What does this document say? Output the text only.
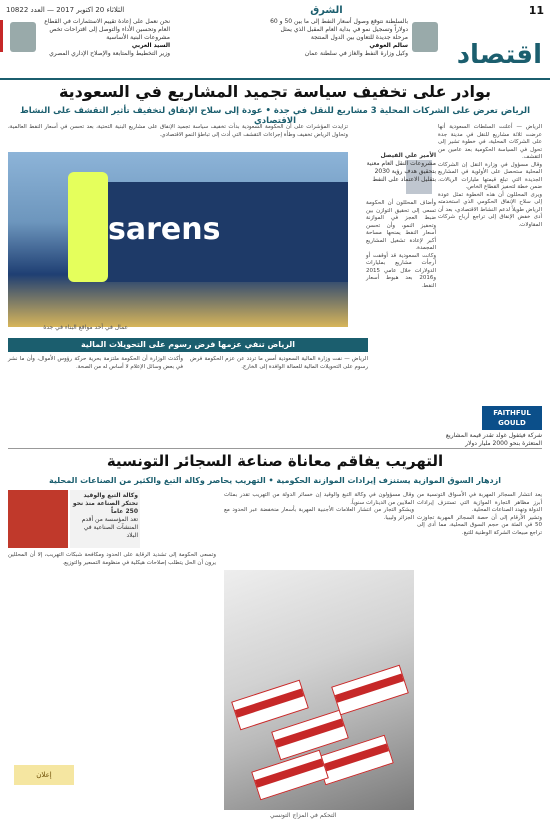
11
الشرق
الثلاثاء 20 اكتوبر 2017 — العدد 10822
بالسلطنة نتوقع وصول أسعار النفط إلى ما بين 50 و 60 دولاراً وتسجيل نمو في بداية العام المقبل الذي يمثل مرحلة جديدة للتعاون بين الدول المنتجة
سالم العوفي
وكيل وزارة النفط والغاز في سلطنة عمان
نحن نعمل على إعادة تقييم الاستثمارات في القطاع العام وتحسين الأداء والتوصل إلى اقتراحات تخص مشروعات البنية الأساسية
السيد العربي
وزير التخطيط والمتابعة والإصلاح الإداري المصري	اقتصاد
بوادر على تخفيف سياسة تجميد المشاريع في السعودية
الرياض تعرض على الشركات المحلية 3 مشاريع للنقل في جدة • عودة إلى سلاح الإنفاق لتخفيف تأثير التقشف على النشاط الاقتصادي
تزايدت المؤشرات على أن الحكومة السعودية بدأت تخفيف سياسة تجميد الإنفاق على مشاريع البنية التحتية، بعد تحسن في أسعار النفط العالمية، وتحاول الرياض تخفيف وطأة إجراءات التقشف التي أدت إلى تباطؤ النمو الاقتصادي.
الرياض — أعلنت السلطات السعودية أنها عرضت ثلاثة مشاريع للنقل في مدينة جدة على الشركات المحلية، في خطوة تشير إلى تحول في السياسة الحكومية بعد عامين من التقشف.
وقال مسؤول في وزارة النقل إن الشركات المحلية ستحصل على الأولوية في المشاريع الجديدة التي تبلغ قيمتها مليارات الريالات، ضمن خطة لتحفيز القطاع الخاص.
ويرى المحللون أن هذه الخطوة تمثل عودة إلى سلاح الإنفاق الحكومي الذي استخدمته الرياض طويلاً لدعم النشاط الاقتصادي، بعد أن أدى خفض الإنفاق إلى تراجع أرباح شركات المقاولات.
الأمير علي الفيصل
مشروعات النقل العام معنية بتحقيق هدف رؤية 2030 بتقليل الاعتماد على النفط
وأضاف المحللون أن الحكومة تسعى إلى تحقيق التوازن بين ضبط العجز في الموازنة وتحفيز النمو، وأن تحسن أسعار النفط يمنحها مساحة أكبر لإعادة تشغيل المشاريع المجمدة.
وكانت السعودية قد أوقفت أو أرجأت مشاريع بمليارات الدولارات خلال عامي 2015 و2016 بعد هبوط أسعار النفط.
sarens
عمال في أحد مواقع البناء في جدة
الرياض تنفي عزمها فرض رسوم على التحويلات المالية
وأكدت الوزارة أن الحكومة ملتزمة بحرية حركة رؤوس الأموال، وأن ما نشر في بعض وسائل الإعلام لا أساس له من الصحة.
الرياض — نفت وزارة المالية السعودية أمس ما تردد عن عزم الحكومة فرض رسوم على التحويلات المالية للعمالة الوافدة إلى الخارج.
FAITHFUL GOULD
شركة فيثفول غولد تقدر قيمة المشاريع المتعثرة بنحو 2000 مليار دولار
التهريب يفاقم معاناة صناعة السجائر التونسية
ازدهار السوق الموازية يستنزف إيرادات الموازنة الحكومية • التهريب يحاصر وكالة التبغ والكثير من الصناعات المحلية
يعد انتشار السجائر المهربة في الأسواق التونسية من أبرز مظاهر التجارة الموازية التي تستنزف إيرادات الدولة وتهدد الصناعات المحلية.
وتشير الأرقام إلى أن حصة السجائر المهربة تجاوزت 50 في المئة من حجم السوق المحلية، مما أدى إلى تراجع مبيعات الشركة الوطنية للتبغ.
وقال مسؤولون في وكالة التبغ والوقيد إن خسائر الدولة من التهريب تقدر بمئات الملايين من الدينارات سنوياً.
ويشكو التجار من انتشار العلامات الأجنبية المهربة بأسعار منخفضة عبر الحدود مع الجزائر وليبيا.
وتسعى الحكومة إلى تشديد الرقابة على الحدود ومكافحة شبكات التهريب، إلا أن المحللين يرون أن الحل يتطلب إصلاحات هيكلية في منظومة التسعير والتوزيع.
وكالة التبغ والوقيد تحتكر الصناعة منذ نحو 250 عاماً
تعد المؤسسة من أقدم المنشآت الصناعية في البلاد
التحكم في المزاج التونسي
إعلان
